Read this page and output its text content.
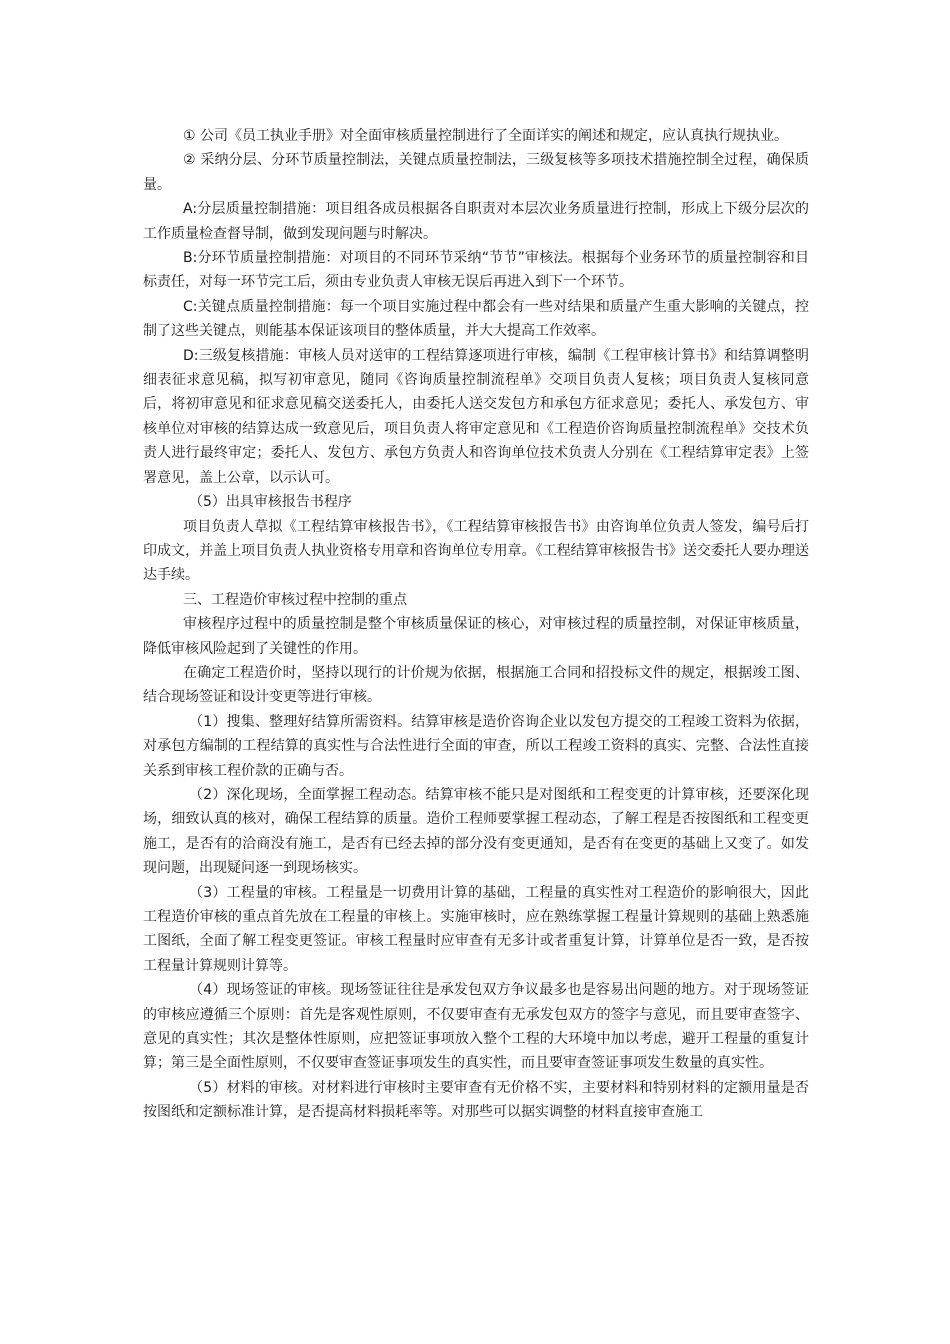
① 公司《员工执业手册》对全面审核质量控制进行了全面详实的阐述和规定，应认真执行规执业。

② 采纳分层、分环节质量控制法，关键点质量控制法，三级复核等多项技术措施控制全过程，确保质量。

A:分层质量控制措施：项目组各成员根据各自职责对本层次业务质量进行控制，形成上下级分层次的工作质量检查督导制，做到发现问题与时解决。

B:分环节质量控制措施：对项目的不同环节采纳“节节”审核法。根据每个业务环节的质量控制容和目标责任，对每一环节完工后，须由专业负责人审核无误后再进入到下一个环节。

C:关键点质量控制措施：每一个项目实施过程中都会有一些对结果和质量产生重大影响的关键点，控制了这些关键点，则能基本保证该项目的整体质量，并大大提高工作效率。

D:三级复核措施：审核人员对送审的工程结算逐项进行审核，编制《工程审核计算书》和结算调整明细表征求意见稿，拟写初审意见，随同《咨询质量控制流程单》交项目负责人复核；项目负责人复核同意后，将初审意见和征求意见稿交送委托人，由委托人送交发包方和承包方征求意见；委托人、承发包方、审核单位对审核的结算达成一致意见后，项目负责人将审定意见和《工程造价咨询质量控制流程单》交技术负责人进行最终审定；委托人、发包方、承包方负责人和咨询单位技术负责人分别在《工程结算审定表》上签署意见，盖上公章，以示认可。

（5）出具审核报告书程序

项目负责人草拟《工程结算审核报告书》，《工程结算审核报告书》由咨询单位负责人签发，编号后打印成文，并盖上项目负责人执业资格专用章和咨询单位专用章。《工程结算审核报告书》送交委托人要办理送达手续。

三、工程造价审核过程中控制的重点

审核程序过程中的质量控制是整个审核质量保证的核心，对审核过程的质量控制，对保证审核质量，降低审核风险起到了关键性的作用。

在确定工程造价时，坚持以现行的计价规为依据，根据施工合同和招投标文件的规定，根据竣工图、结合现场签证和设计变更等进行审核。

（1）搜集、整理好结算所需资料。结算审核是造价咨询企业以发包方提交的工程竣工资料为依据，对承包方编制的工程结算的真实性与合法性进行全面的审查，所以工程竣工资料的真实、完整、合法性直接关系到审核工程价款的正确与否。

（2）深化现场，全面掌握工程动态。结算审核不能只是对图纸和工程变更的计算审核，还要深化现场，细致认真的核对，确保工程结算的质量。造价工程师要掌握工程动态，了解工程是否按图纸和工程变更施工，是否有的洽商没有施工，是否有已经去掉的部分没有变更通知，是否有在变更的基础上又变了。如发现问题，出现疑问逐一到现场核实。

（3）工程量的审核。工程量是一切费用计算的基础，工程量的真实性对工程造价的影响很大，因此工程造价审核的重点首先放在工程量的审核上。实施审核时，应在熟练掌握工程量计算规则的基础上熟悉施工图纸，全面了解工程变更签证。审核工程量时应审查有无多计或者重复计算，计算单位是否一致，是否按工程量计算规则计算等。

（4）现场签证的审核。现场签证往往是承发包双方争议最多也是容易出问题的地方。对于现场签证的审核应遵循三个原则：首先是客观性原则，不仅要审查有无承发包双方的签字与意见，而且要审查签字、意见的真实性；其次是整体性原则，应把签证事项放入整个工程的大环境中加以考虑，避开工程量的重复计算；第三是全面性原则，不仅要审查签证事项发生的真实性，而且要审查签证事项发生数量的真实性。

（5）材料的审核。对材料进行审核时主要审查有无价格不实，主要材料和特别材料的定额用量是否按图纸和定额标准计算，是否提高材料损耗率等。对那些可以据实调整的材料直接审查施工
